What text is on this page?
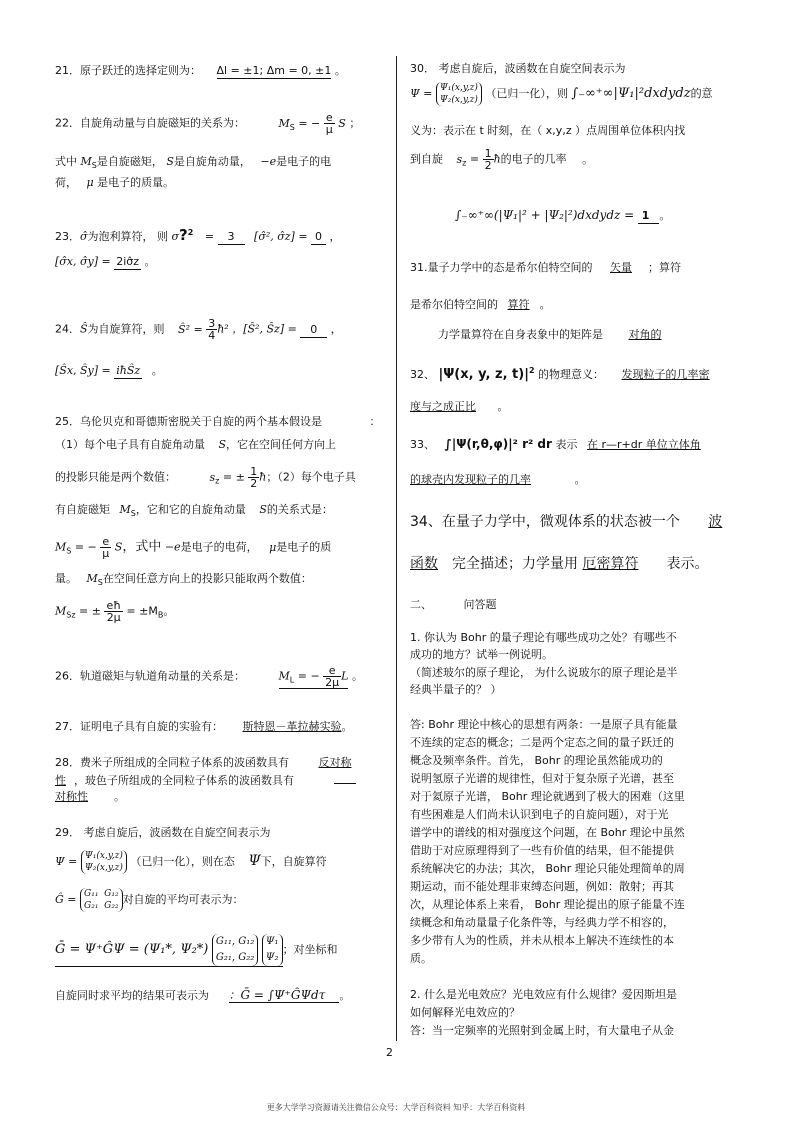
21．原子跃迁的选择定则为： Δl = ±1; Δm = 0, ±1 。
22．自旋角动量与自旋磁矩的关系为：	$M_S$ = − $\frac{e}{\mu}$ S ；
式中 $M_S$是自旋磁矩， S是自旋角动量， −e是电子的电
荷， μ 是电子的质量。
23．σ̂为泡利算符， 则 σ?$^2$ = 3 [σ̂², σ̂z] = 0 ，
[σ̂x, σ̂y] = 2iσ̂z 。
24．Ŝ为自旋算符，则 Ŝ² = $\frac{3}{4}$ ħ² ，[Ŝ², Ŝz] = 0 ，
[Ŝx, Ŝy] = iħŜz 。
25．乌伦贝克和哥德斯密脱关于自旋的两个基本假设是	：
（1）每个电子具有自旋角动量 S，它在空间任何方向上
的投影只能是两个数值：	$s_z$ = ± $\frac{1}{2}$ ħ；（2）每个电子具
有自旋磁矩 $M_S$，它和它的自旋角动量 S的关系式是：
$M_S$ = − $\frac{e}{\mu}$ S，式中 −e是电子的电荷， μ是电子的质
量。 $M_S$在空间任意方向上的投影只能取两个数值：
$M_{Sz}$ = ± $\frac{eħ}{2\mu} = \pm M_B$。
26．轨道磁矩与轨道角动量的关系是：	$M_L$ = − $\frac{e}{2\mu}$ L 。
27．证明电子具有自旋的实验有： 斯特恩－革拉赫实验。
28．费米子所组成的全同粒子体系的波函数具有	反对称
性 ，玻色子所组成的全同粒子体系的波函数具有
对称性 。
29． 考虑自旋后，波函数在自旋空间表示为
Ψ = Ψ₁(x,y,z)
Ψ₂(x,y,z) （已归一化），则在态 Ψ下，自旋算符
Ĝ = G₁₁ G₁₂
G₂₁ G₂₂ 对自旋的平均可表示为：
Ḡ = Ψ⁺ĜΨ = (Ψ₁*, Ψ₂*) G₁₁, G₁₂
G₂₁, G₂₂ Ψ₁
Ψ₂；对坐标和
自旋同时求平均的结果可表示为 ：Ḡ = ∫Ψ⁺ĜΨdτ 。
30． 考虑自旋后，波函数在自旋空间表示为
Ψ = Ψ₁(x,y,z)
Ψ₂(x,y,z) （已归一化），则 ∫₋∞⁺∞|Ψ₁|²dxdydz的意
义为：表示在 t 时刻，在（ x,y,z ）点周围单位体积内找
到自旋 $s_z = \frac{1}{2}$ ħ的电子的几率 。
∫₋∞⁺∞(|Ψ₁|² + |Ψ₂|²)dxdydz = 1 。
31.量子力学中的态是希尔伯特空间的 矢量 ；算符
是希尔伯特空间的 算符 。
力学量算符在自身表象中的矩阵是 对角的
32、 |Ψ(x, y, z, $t)|^2$ 的物理意义： 发现粒子的几率密
度与之成正比 。
33、 ∫|Ψ(r,θ,φ)|² r² dr 表示 在 r—r+dr 单位立体角
的球壳内发现粒子的几率	。
34、在量子力学中，微观体系的状态被一个 波
函数 完全描述；力学量用 厄密算符 表示。
二、	问答题
1. 你认为 Bohr 的量子理论有哪些成功之处？有哪些不
成功的地方？试举一例说明。
（简述玻尔的原子理论， 为什么说玻尔的原子理论是半
经典半量子的？ ）
答: Bohr 理论中核心的思想有两条：一是原子具有能量
不连续的定态的概念；二是两个定态之间的量子跃迁的
概念及频率条件。首先， Bohr 的理论虽然能成功的
说明氢原子光谱的规律性，但对于复杂原子光谱，甚至
对于氦原子光谱， Bohr 理论就遇到了极大的困难（这里
有些困难是人们尚未认识到电子的自旋问题），对于光
谱学中的谱线的相对强度这个问题，在 Bohr 理论中虽然
借助于对应原理得到了一些有价值的结果，但不能提供
系统解决它的办法；其次， Bohr 理论只能处理简单的周
期运动，而不能处理非束缚态问题，例如：散射；再其
次，从理论体系上来看， Bohr 理论提出的原子能量不连
续概念和角动量量子化条件等，与经典力学不相容的，
多少带有人为的性质，并未从根本上解决不连续性的本
质。
2. 什么是光电效应？光电效应有什么规律？爱因斯坦是
如何解释光电效应的？
答：当一定频率的光照射到金属上时，有大量电子从金
2
更多大学学习资源请关注微信公众号：大学百科资料 知乎：大学百科资料
